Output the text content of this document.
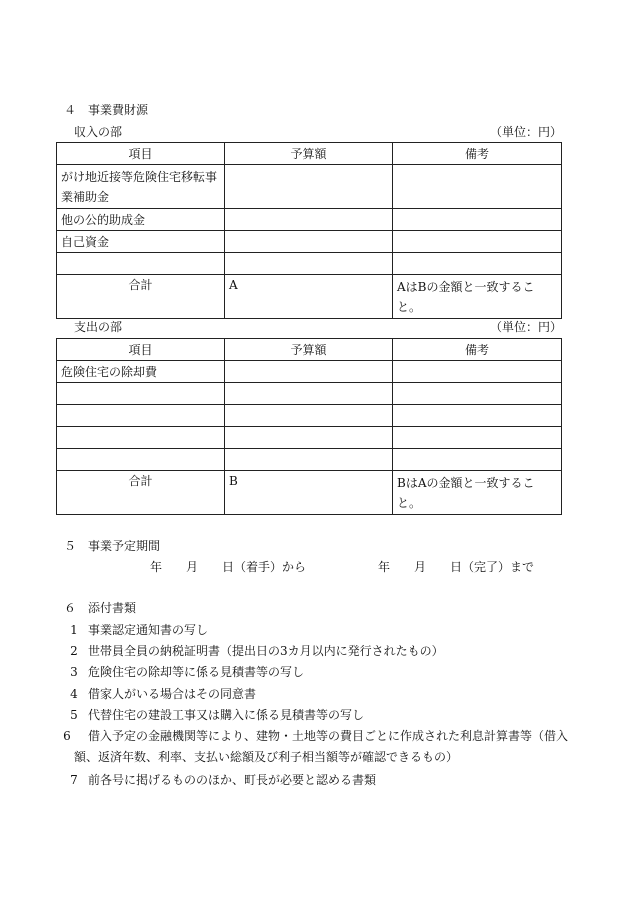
４　事業費財源
収入の部	（単位：円）
項目	予算額	備考
がけ地近接等危険住宅移転事業補助金		
他の公的助成金		
自己資金		

合計	A	AはBの金額と一致すること。
支出の部	（単位：円）
項目	予算額	備考
危険住宅の除却費		

合計	B	BはAの金額と一致すること。
５　事業予定期間
年　　月　　日（着手）から　　　　　　年　　月　　日（完了）まで
６　添付書類
1 事業認定通知書の写し
2 世帯員全員の納税証明書（提出日の3カ月以内に発行されたもの）
3 危険住宅の除却等に係る見積書等の写し
4 借家人がいる場合はその同意書
5 代替住宅の建設工事又は購入に係る見積書等の写し
6 借入予定の金融機関等により、建物・土地等の費目ごとに作成された利息計算書等（借入額、返済年数、利率、支払い総額及び利子相当額等が確認できるもの）
7 前各号に掲げるもののほか、町長が必要と認める書類
